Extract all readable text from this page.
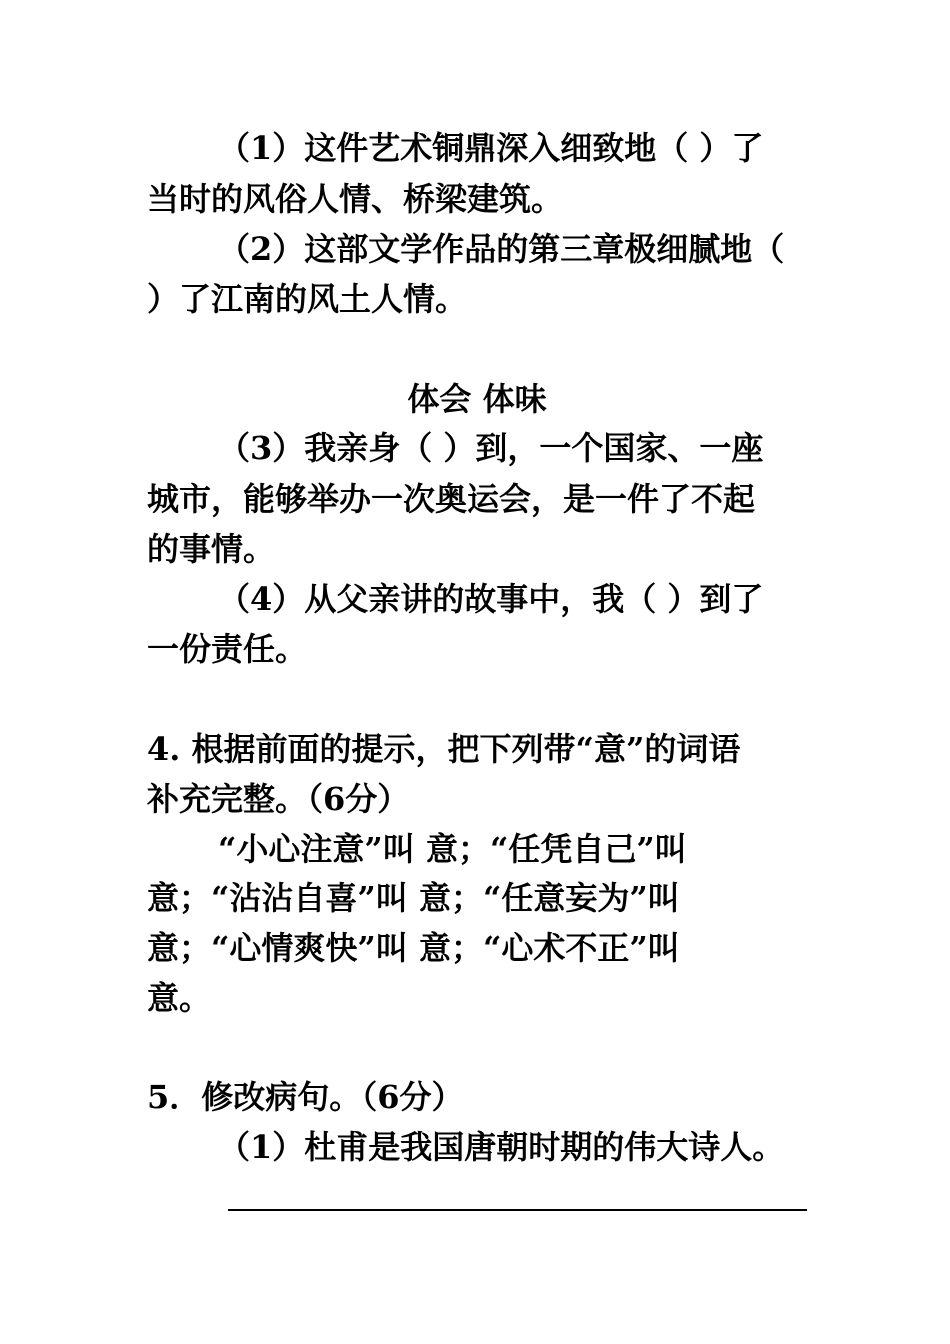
（1）这件艺术铜鼎深入细致地（ ）了
当时的风俗人情、桥梁建筑。
（2）这部文学作品的第三章极细腻地（
）了江南的风土人情。
体会 体味
（3）我亲身（ ）到，一个国家、一座
城市，能够举办一次奥运会，是一件了不起
的事情。
（4）从父亲讲的故事中，我（ ）到了
一份责任。
4. 根据前面的提示，把下列带“意”的词语
补充完整。（6分）
“小心注意”叫 意；“任凭自己”叫
意；“沾沾自喜”叫 意；“任意妄为”叫
意；“心情爽快”叫 意；“心术不正”叫
意。
5．修改病句。（6分）
（1）杜甫是我国唐朝时期的伟大诗人。
